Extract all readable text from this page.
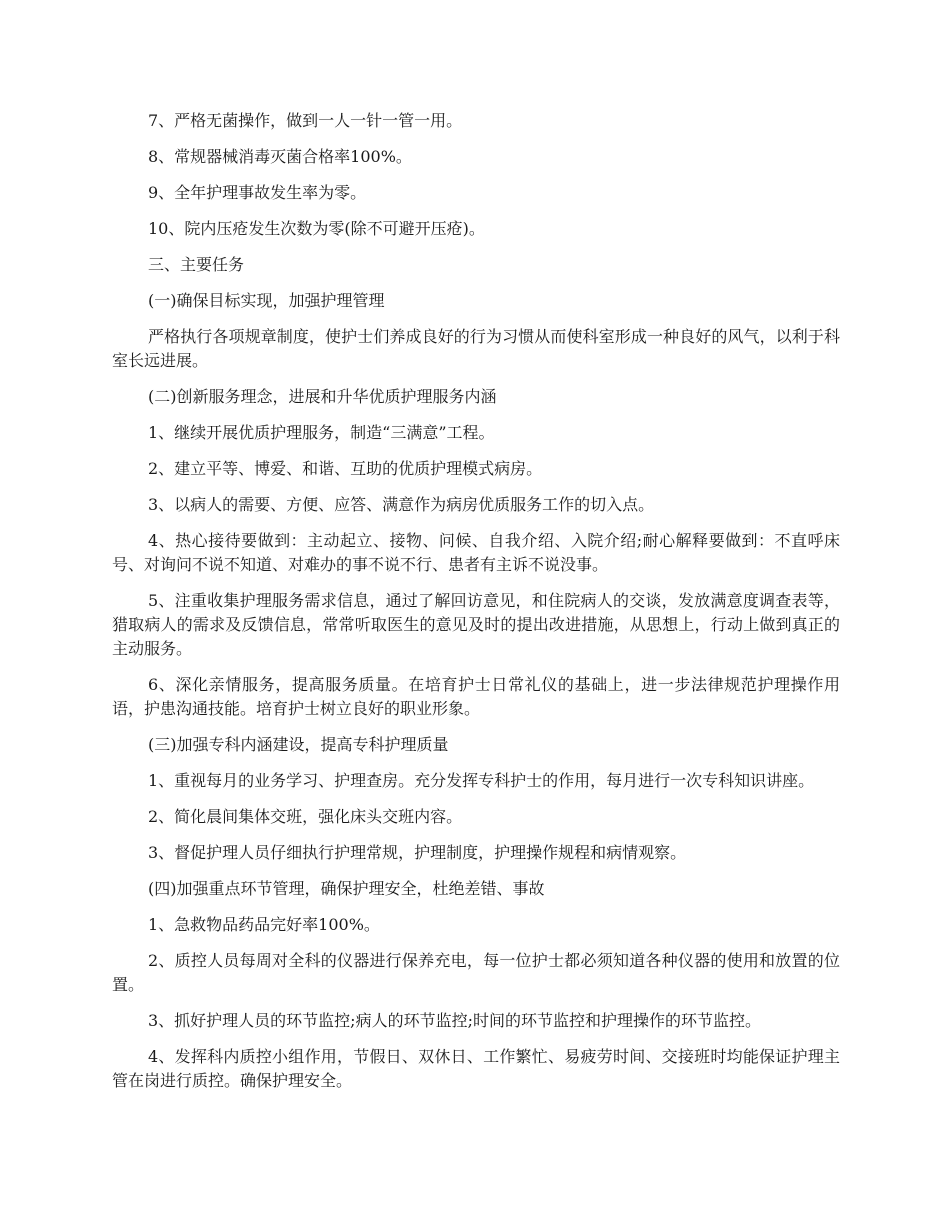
7、严格无菌操作，做到一人一针一管一用。

8、常规器械消毒灭菌合格率100%。

9、全年护理事故发生率为零。

10、院内压疮发生次数为零(除不可避开压疮)。

三、主要任务

(一)确保目标实现，加强护理管理

严格执行各项规章制度，使护士们养成良好的行为习惯从而使科室形成一种良好的风气，以利于科室长远进展。

(二)创新服务理念，进展和升华优质护理服务内涵

1、继续开展优质护理服务，制造“三满意”工程。

2、建立平等、博爱、和谐、互助的优质护理模式病房。

3、以病人的需要、方便、应答、满意作为病房优质服务工作的切入点。

4、热心接待要做到：主动起立、接物、问候、自我介绍、入院介绍;耐心解释要做到：不直呼床号、对询问不说不知道、对难办的事不说不行、患者有主诉不说没事。

5、注重收集护理服务需求信息，通过了解回访意见，和住院病人的交谈，发放满意度调查表等，猎取病人的需求及反馈信息，常常听取医生的意见及时的提出改进措施，从思想上，行动上做到真正的主动服务。

6、深化亲情服务，提高服务质量。在培育护士日常礼仪的基础上，进一步法律规范护理操作用语，护患沟通技能。培育护士树立良好的职业形象。

(三)加强专科内涵建设，提高专科护理质量

1、重视每月的业务学习、护理查房。充分发挥专科护士的作用，每月进行一次专科知识讲座。

2、简化晨间集体交班，强化床头交班内容。

3、督促护理人员仔细执行护理常规，护理制度，护理操作规程和病情观察。

(四)加强重点环节管理，确保护理安全，杜绝差错、事故

1、急救物品药品完好率100%。

2、质控人员每周对全科的仪器进行保养充电，每一位护士都必须知道各种仪器的使用和放置的位置。

3、抓好护理人员的环节监控;病人的环节监控;时间的环节监控和护理操作的环节监控。

4、发挥科内质控小组作用，节假日、双休日、工作繁忙、易疲劳时间、交接班时均能保证护理主管在岗进行质控。确保护理安全。
